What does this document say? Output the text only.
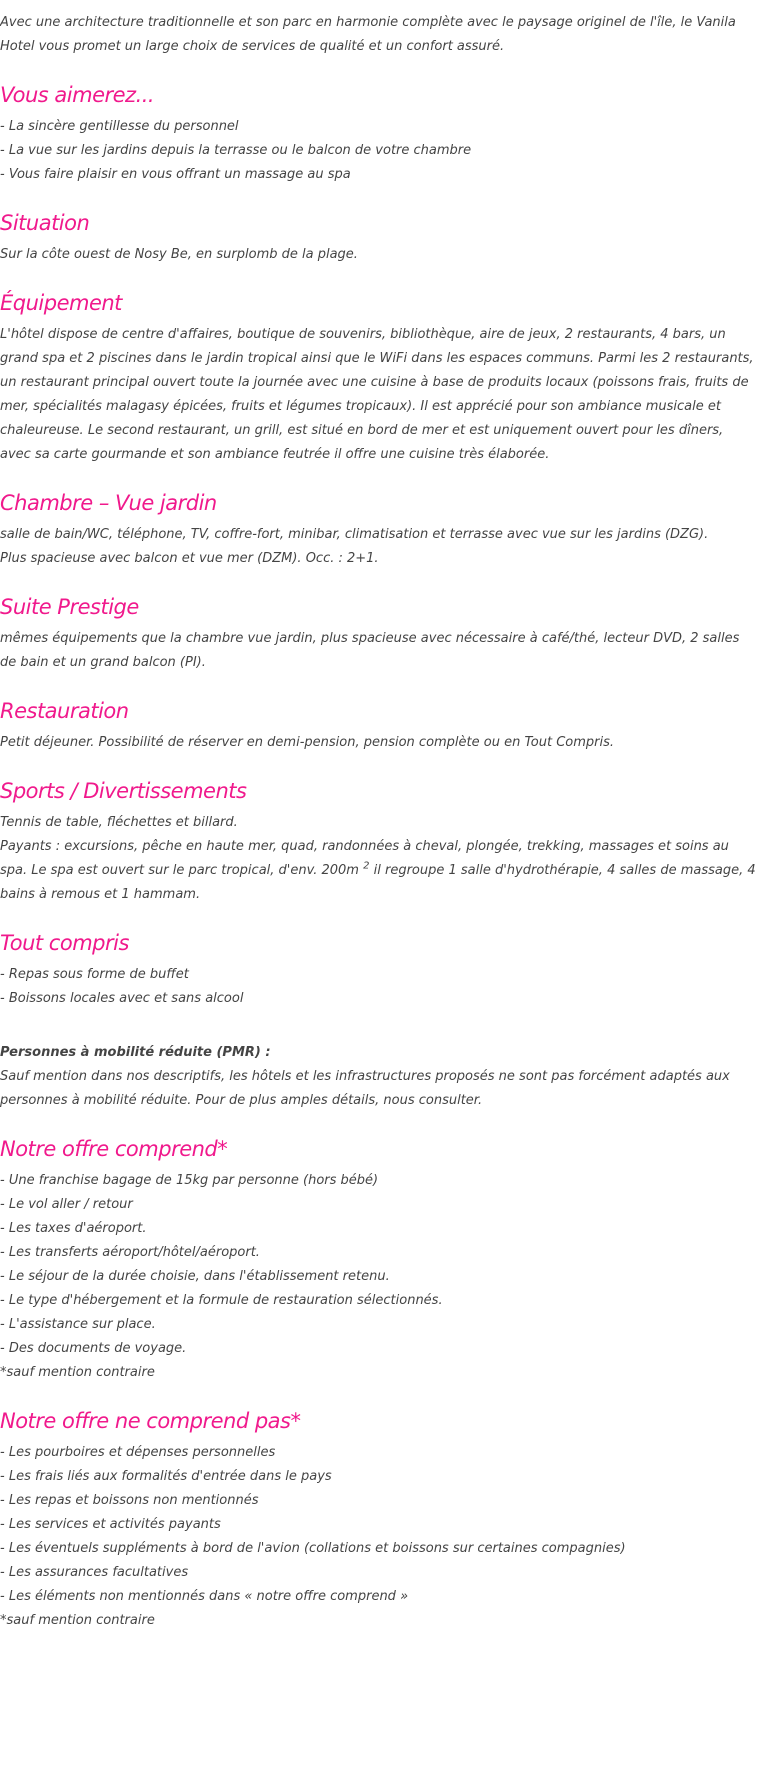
Avec une architecture traditionnelle et son parc en harmonie complète avec le paysage originel de l'île, le Vanila Hotel vous promet un large choix de services de qualité et un confort assuré.

Vous aimerez...

- La sincère gentillesse du personnel

- La vue sur les jardins depuis la terrasse ou le balcon de votre chambre

- Vous faire plaisir en vous offrant un massage au spa

Situation

Sur la côte ouest de Nosy Be, en surplomb de la plage.

Équipement

L'hôtel dispose de centre d'affaires, boutique de souvenirs, bibliothèque, aire de jeux, 2 restaurants, 4 bars, un grand spa et 2 piscines dans le jardin tropical ainsi que le WiFi dans les espaces communs. Parmi les 2 restaurants, un restaurant principal ouvert toute la journée avec une cuisine à base de produits locaux (poissons frais, fruits de mer, spécialités malagasy épicées, fruits et légumes tropicaux). Il est apprécié pour son ambiance musicale et chaleureuse. Le second restaurant, un grill, est situé en bord de mer et est uniquement ouvert pour les dîners, avec sa carte gourmande et son ambiance feutrée il offre une cuisine très élaborée.

Chambre – Vue jardin

salle de bain/WC, téléphone, TV, coffre-fort, minibar, climatisation et terrasse avec vue sur les jardins (DZG).

Plus spacieuse avec balcon et vue mer (DZM). Occ. : 2+1.

Suite Prestige

mêmes équipements que la chambre vue jardin, plus spacieuse avec nécessaire à café/thé, lecteur DVD, 2 salles de bain et un grand balcon (PI).

Restauration

Petit déjeuner. Possibilité de réserver en demi-pension, pension complète ou en Tout Compris.

Sports / Divertissements

Tennis de table, fléchettes et billard.

Payants : excursions, pêche en haute mer, quad, randonnées à cheval, plongée, trekking, massages et soins au spa. Le spa est ouvert sur le parc tropical, d'env. 200m $^2$ il regroupe 1 salle d'hydrothérapie, 4 salles de massage, 4 bains à remous et 1 hammam.

Tout compris

- Repas sous forme de buffet

- Boissons locales avec et sans alcool

Personnes à mobilité réduite (PMR) :

Sauf mention dans nos descriptifs, les hôtels et les infrastructures proposés ne sont pas forcément adaptés aux personnes à mobilité réduite. Pour de plus amples détails, nous consulter.

Notre offre comprend*

- Une franchise bagage de 15kg par personne (hors bébé)

- Le vol aller / retour

- Les taxes d'aéroport.

- Les transferts aéroport/hôtel/aéroport.

- Le séjour de la durée choisie, dans l'établissement retenu.

- Le type d'hébergement et la formule de restauration sélectionnés.

- L'assistance sur place.

- Des documents de voyage.

*sauf mention contraire

Notre offre ne comprend pas*

- Les pourboires et dépenses personnelles

- Les frais liés aux formalités d'entrée dans le pays

- Les repas et boissons non mentionnés

- Les services et activités payants

- Les éventuels suppléments à bord de l'avion (collations et boissons sur certaines compagnies)

- Les assurances facultatives

- Les éléments non mentionnés dans « notre offre comprend »

*sauf mention contraire
